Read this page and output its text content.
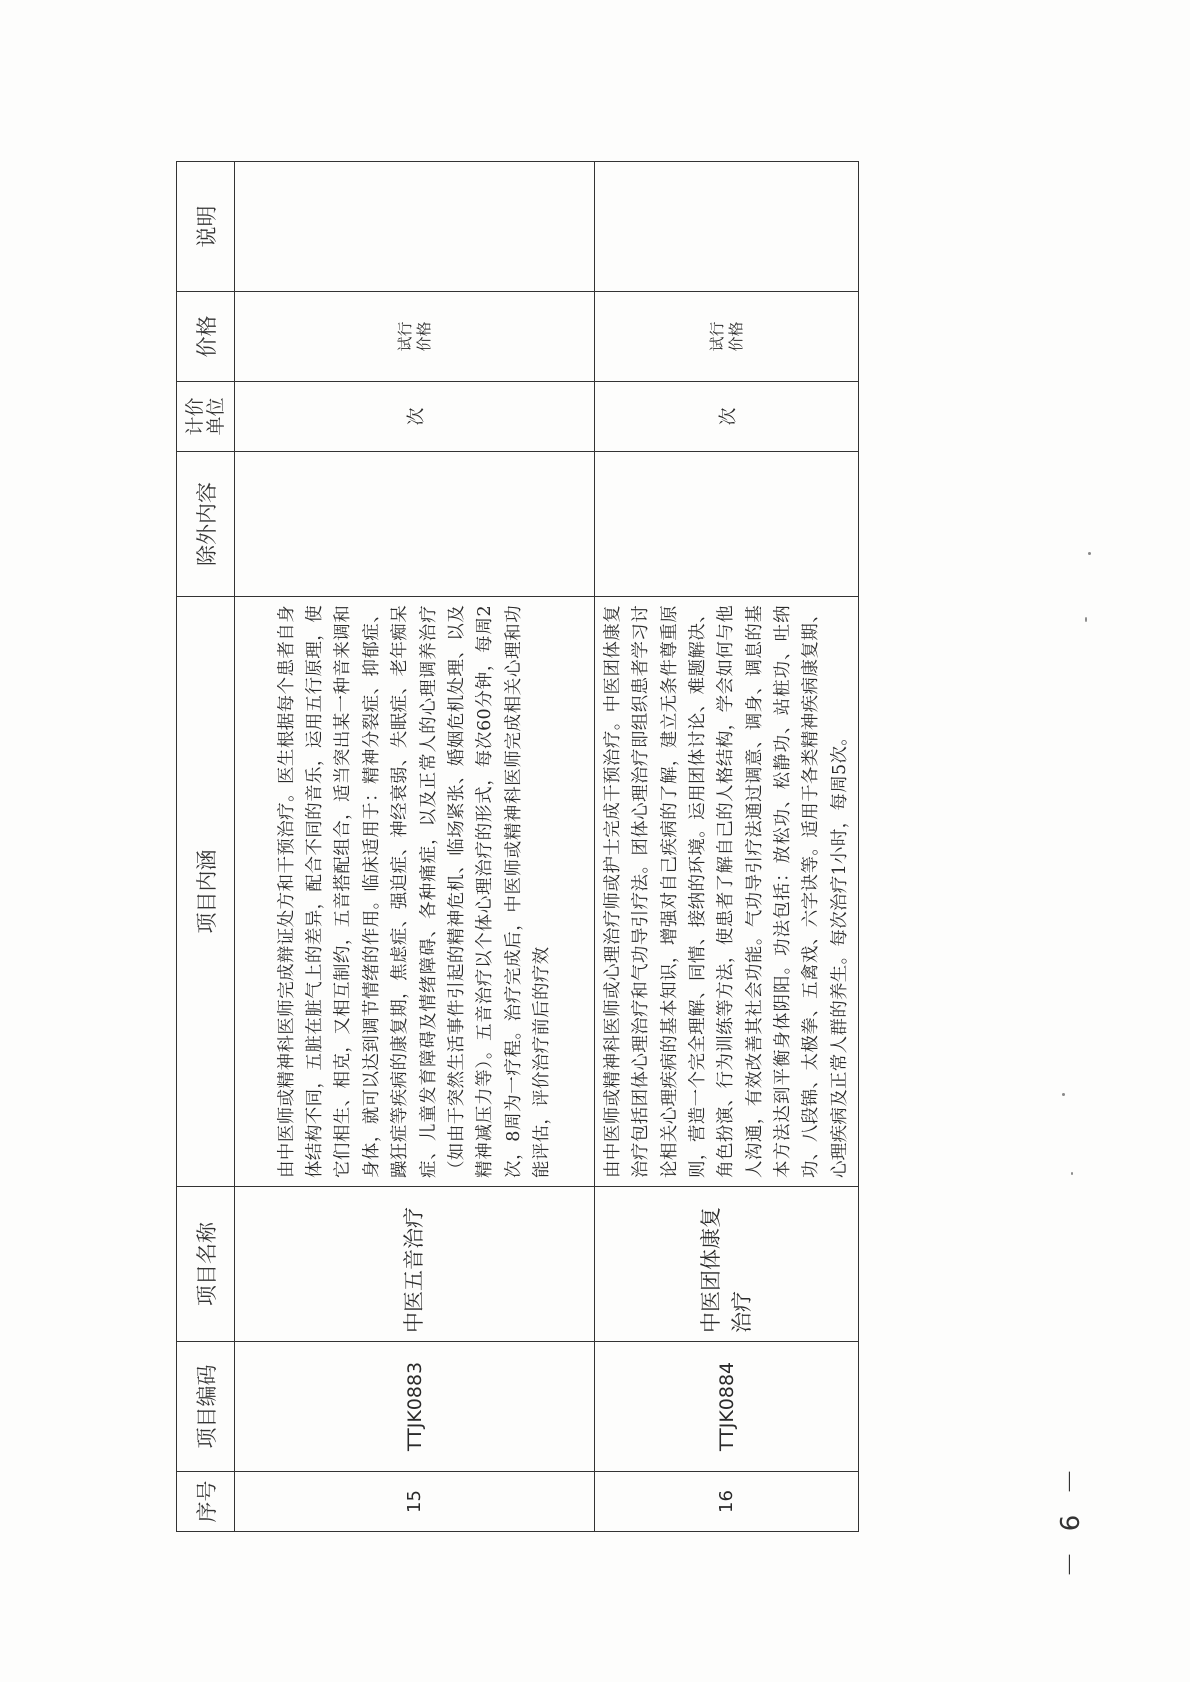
序号	项目编码	项目名称	项目内涵	除外内容	计价单位	价格	说明
15	TTJK0883	中医五音治疗	由中医师或精神科医师完成辩证处方和干预治疗。医生根据每个患者自身体结构不同，五脏在脏气上的差异，配合不同的音乐，运用五行原理，使它们相生、相克，又相互制约，五音搭配组合，适当突出某一种音来调和身体，就可以达到调节情绪的作用。临床适用于：精神分裂症、抑郁症、躁狂症等疾病的康复期，焦虑症、强迫症、神经衰弱、失眠症、老年痴呆症、儿童发育障碍及情绪障碍、各种痛症，以及正常人的心理调养治疗（如由于突然生活事件引起的精神危机、临场紧张、婚姻危机处理、以及精神减压力等）。五音治疗以个体心理治疗的形式，每次60分钟，每周2次，8周为一疗程。治疗完成后，中医师或精神科医师完成相关心理和功能评估，评价治疗前后的疗效		次	试行价格	
16	TTJK0884	中医团体康复治疗	由中医师或精神科医师或心理治疗师或护士完成干预治疗。中医团体康复治疗包括团体心理治疗和气功导引疗法。团体心理治疗即组织患者学习讨论相关心理疾病的基本知识，增强对自己疾病的了解，建立无条件尊重原则，营造一个完全理解、同情、接纳的环境。运用团体讨论、难题解决、角色扮演、行为训练等方法，使患者了解自己的人格结构，学会如何与他人沟通，有效改善其社会功能。气功导引疗法通过调意、调身、调息的基本方法达到平衡身体阴阳。功法包括：放松功、松静功、站桩功、吐纳功、八段锦、太极拳、五禽戏、六字诀等。适用于各类精神疾病康复期、心理疾病及正常人群的养生。每次治疗1小时，每周5次。		次	试行价格	
－ 6 －
